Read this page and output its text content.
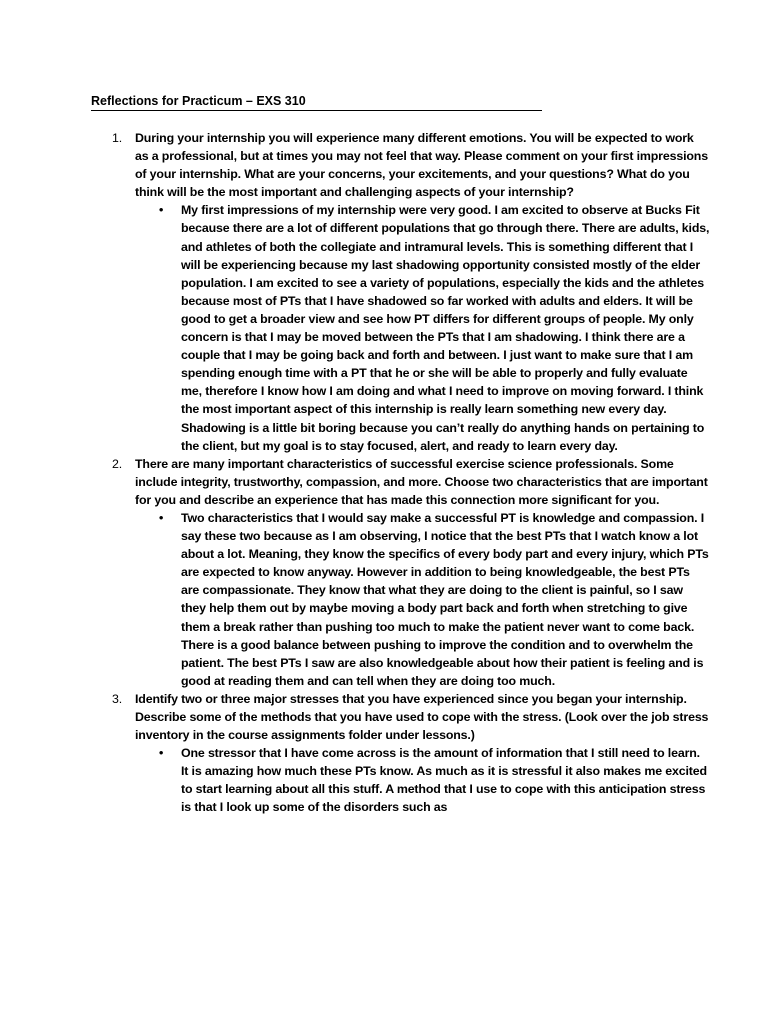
Reflections for Practicum – EXS 310
1. During your internship you will experience many different emotions. You will be expected to work as a professional, but at times you may not feel that way. Please comment on your first impressions of your internship. What are your concerns, your excitements, and your questions? What do you think will be the most important and challenging aspects of your internship?
• My first impressions of my internship were very good. I am excited to observe at Bucks Fit because there are a lot of different populations that go through there. There are adults, kids, and athletes of both the collegiate and intramural levels. This is something different that I will be experiencing because my last shadowing opportunity consisted mostly of the elder population. I am excited to see a variety of populations, especially the kids and the athletes because most of PTs that I have shadowed so far worked with adults and elders. It will be good to get a broader view and see how PT differs for different groups of people. My only concern is that I may be moved between the PTs that I am shadowing. I think there are a couple that I may be going back and forth and between. I just want to make sure that I am spending enough time with a PT that he or she will be able to properly and fully evaluate me, therefore I know how I am doing and what I need to improve on moving forward. I think the most important aspect of this internship is really learn something new every day. Shadowing is a little bit boring because you can’t really do anything hands on pertaining to the client, but my goal is to stay focused, alert, and ready to learn every day.
2. There are many important characteristics of successful exercise science professionals. Some include integrity, trustworthy, compassion, and more. Choose two characteristics that are important for you and describe an experience that has made this connection more significant for you.
• Two characteristics that I would say make a successful PT is knowledge and compassion. I say these two because as I am observing, I notice that the best PTs that I watch know a lot about a lot. Meaning, they know the specifics of every body part and every injury, which PTs are expected to know anyway. However in addition to being knowledgeable, the best PTs are compassionate. They know that what they are doing to the client is painful, so I saw they help them out by maybe moving a body part back and forth when stretching to give them a break rather than pushing too much to make the patient never want to come back. There is a good balance between pushing to improve the condition and to overwhelm the patient. The best PTs I saw are also knowledgeable about how their patient is feeling and is good at reading them and can tell when they are doing too much.
3. Identify two or three major stresses that you have experienced since you began your internship. Describe some of the methods that you have used to cope with the stress. (Look over the job stress inventory in the course assignments folder under lessons.)
• One stressor that I have come across is the amount of information that I still need to learn. It is amazing how much these PTs know. As much as it is stressful it also makes me excited to start learning about all this stuff. A method that I use to cope with this anticipation stress is that I look up some of the disorders such as
